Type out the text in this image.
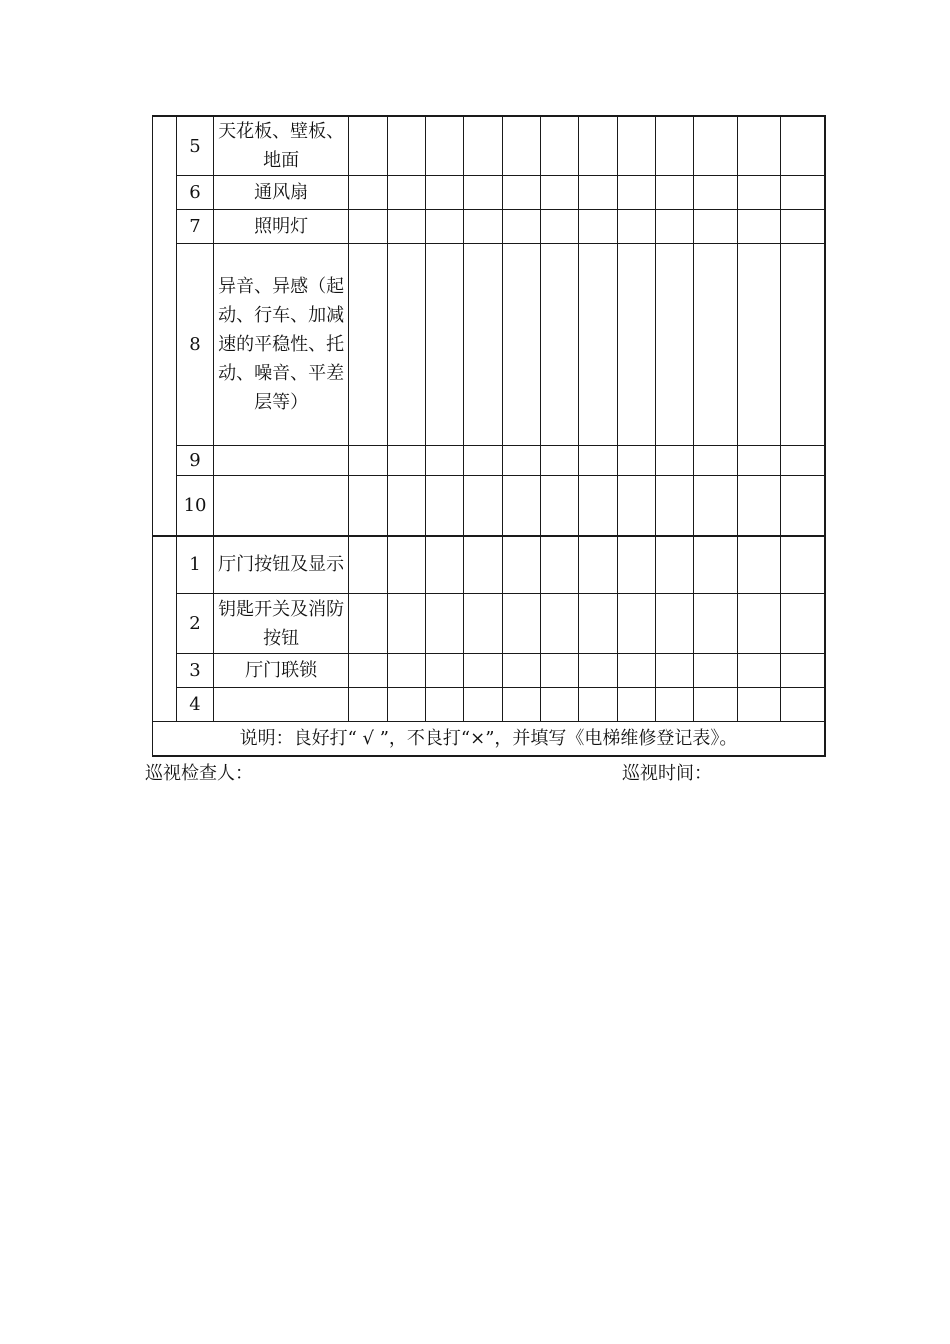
	5	天花板、壁板、地面												
	6	通风扇												
	7	照明灯												
	8	异音、异感（起动、行车、加减速的平稳性、托动、噪音、平差层等）												
	9													
	10													
	1	厅门按钮及显示												
	2	钥匙开关及消防按钮												
	3	厅门联锁												
	4													
说明：良好打“ √ ”，不良打“×”，并填写《电梯维修登记表》。														
巡视检查人：	巡视时间：
